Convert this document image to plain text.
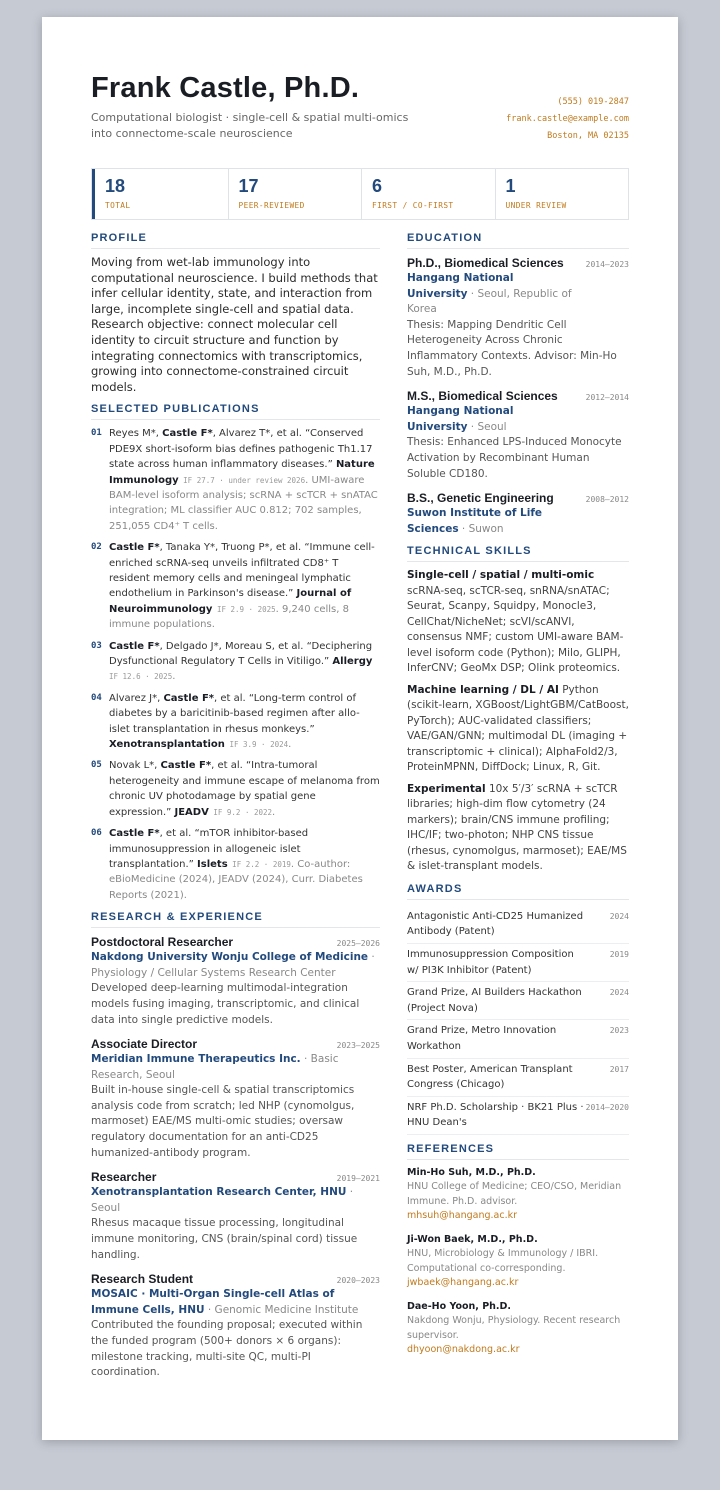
Frank Castle, Ph.D.
Computational biologist · single-cell & spatial multi-omics into connectome-scale neuroscience
(555) 019-2847
frank.castle@example.com
Boston, MA 02135
18
TOTAL
17
PEER-REVIEWED
6
FIRST / CO-FIRST
1
UNDER REVIEW
PROFILE
Moving from wet-lab immunology into computational neuroscience. I build methods that infer cellular identity, state, and interaction from large, incomplete single-cell and spatial data. Research objective: connect molecular cell identity to circuit structure and function by integrating connectomics with transcriptomics, growing into connectome-constrained circuit models.
SELECTED PUBLICATIONS
01 Reyes M*, Castle F*, Alvarez T*, et al. “Conserved PDE9X short-isoform bias defines pathogenic Th1.17 state across human inflammatory diseases.” Nature Immunology IF 27.7 · under review 2026. UMI-aware BAM-level isoform analysis; scRNA + scTCR + snATAC integration; ML classifier AUC 0.812; 702 samples, 251,055 CD4⁺ T cells.
02 Castle F*, Tanaka Y*, Truong P*, et al. “Immune cell-enriched scRNA-seq unveils infiltrated CD8⁺ T resident memory cells and meningeal lymphatic endothelium in Parkinson's disease.” Journal of Neuroimmunology IF 2.9 · 2025. 9,240 cells, 8 immune populations.
03 Castle F*, Delgado J*, Moreau S, et al. “Deciphering Dysfunctional Regulatory T Cells in Vitiligo.” Allergy IF 12.6 · 2025.
04 Alvarez J*, Castle F*, et al. “Long-term control of diabetes by a baricitinib-based regimen after allo-islet transplantation in rhesus monkeys.” Xenotransplantation IF 3.9 · 2024.
05 Novak L*, Castle F*, et al. “Intra-tumoral heterogeneity and immune escape of melanoma from chronic UV photodamage by spatial gene expression.” JEADV IF 9.2 · 2022.
06 Castle F*, et al. “mTOR inhibitor-based immunosuppression in allogeneic islet transplantation.” Islets IF 2.2 · 2019. Co-author: eBioMedicine (2024), JEADV (2024), Curr. Diabetes Reports (2021).
RESEARCH & EXPERIENCE
Postdoctoral Researcher	2025–2026
Nakdong University Wonju College of Medicine · Physiology / Cellular Systems Research Center
Developed deep-learning multimodal-integration models fusing imaging, transcriptomic, and clinical data into single predictive models.
Associate Director	2023–2025
Meridian Immune Therapeutics Inc. · Basic Research, Seoul
Built in-house single-cell & spatial transcriptomics analysis code from scratch; led NHP (cynomolgus, marmoset) EAE/MS multi-omic studies; oversaw regulatory documentation for an anti-CD25 humanized-antibody program.
Researcher	2019–2021
Xenotransplantation Research Center, HNU · Seoul
Rhesus macaque tissue processing, longitudinal immune monitoring, CNS (brain/spinal cord) tissue handling.
Research Student	2020–2023
MOSAIC · Multi-Organ Single-cell Atlas of Immune Cells, HNU · Genomic Medicine Institute
Contributed the founding proposal; executed within the funded program (500+ donors × 6 organs): milestone tracking, multi-site QC, multi-PI coordination.
EDUCATION
Ph.D., Biomedical Sciences	2014–2023
Hangang National University · Seoul, Republic of Korea
Thesis: Mapping Dendritic Cell Heterogeneity Across Chronic Inflammatory Contexts. Advisor: Min-Ho Suh, M.D., Ph.D.
M.S., Biomedical Sciences	2012–2014
Hangang National University · Seoul
Thesis: Enhanced LPS-Induced Monocyte Activation by Recombinant Human Soluble CD180.
B.S., Genetic Engineering	2008–2012
Suwon Institute of Life Sciences · Suwon
TECHNICAL SKILLS
Single-cell / spatial / multi-omic scRNA-seq, scTCR-seq, snRNA/snATAC; Seurat, Scanpy, Squidpy, Monocle3, CellChat/NicheNet; scVI/scANVI, consensus NMF; custom UMI-aware BAM-level isoform code (Python); Milo, GLIPH, InferCNV; GeoMx DSP; Olink proteomics.
Machine learning / DL / AI Python (scikit-learn, XGBoost/LightGBM/CatBoost, PyTorch); AUC-validated classifiers; VAE/GAN/GNN; multimodal DL (imaging + transcriptomic + clinical); AlphaFold2/3, ProteinMPNN, DiffDock; Linux, R, Git.
Experimental 10x 5′/3′ scRNA + scTCR libraries; high-dim flow cytometry (24 markers); brain/CNS immune profiling; IHC/IF; two-photon; NHP CNS tissue (rhesus, cynomolgus, marmoset); EAE/MS & islet-transplant models.
AWARDS
Antagonistic Anti-CD25 Humanized Antibody (Patent)
2024
Immunosuppression Composition w/ PI3K Inhibitor (Patent)
2019
Grand Prize, AI Builders Hackathon (Project Nova)
2024
Grand Prize, Metro Innovation Workathon
2023
Best Poster, American Transplant Congress (Chicago)
2017
NRF Ph.D. Scholarship · BK21 Plus · HNU Dean's
2014–2020
REFERENCES
Min-Ho Suh, M.D., Ph.D.
HNU College of Medicine; CEO/CSO, Meridian Immune. Ph.D. advisor.
mhsuh@hangang.ac.kr
Ji-Won Baek, M.D., Ph.D.
HNU, Microbiology & Immunology / IBRI. Computational co-corresponding.
jwbaek@hangang.ac.kr
Dae-Ho Yoon, Ph.D.
Nakdong Wonju, Physiology. Recent research supervisor.
dhyoon@nakdong.ac.kr
